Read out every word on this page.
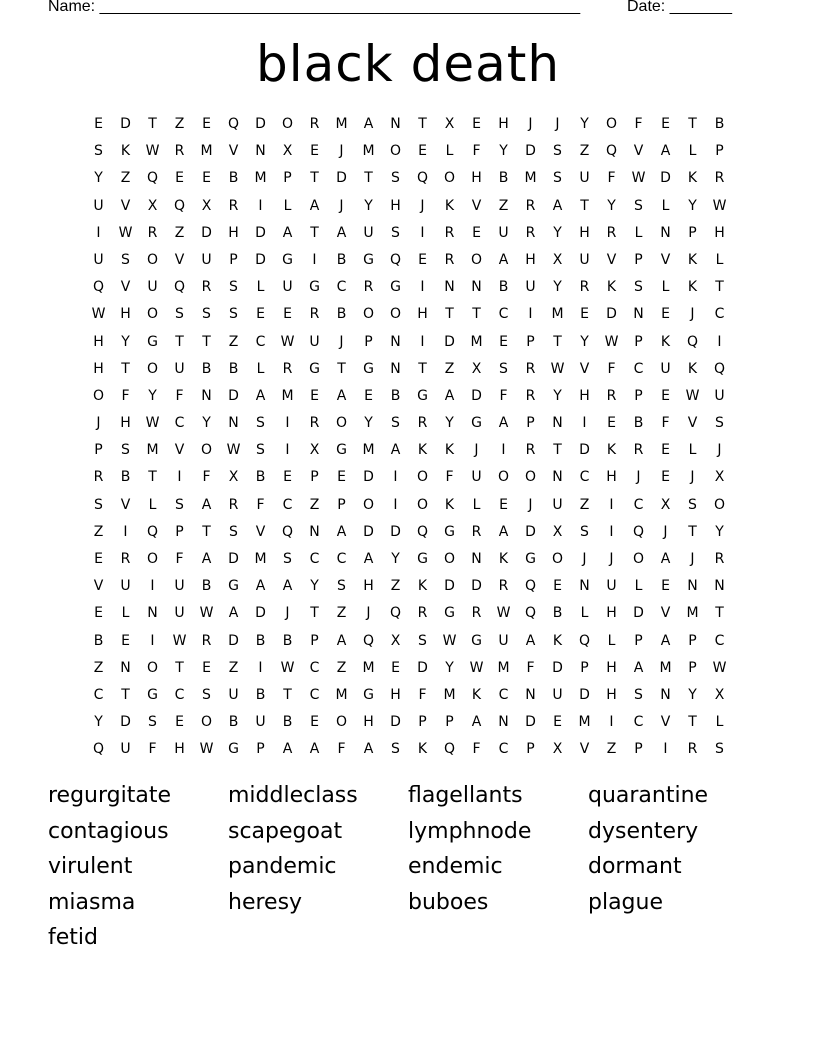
Name: ______________________________________________________	Date: _______
black death
E	D	T	Z	E	Q	D	O	R	M	A	N	T	X	E	H	J	J	Y	O	F	E	T	B
S	K	W	R	M	V	N	X	E	J	M	O	E	L	F	Y	D	S	Z	Q	V	A	L	P
Y	Z	Q	E	E	B	M	P	T	D	T	S	Q	O	H	B	M	S	U	F	W	D	K	R
U	V	X	Q	X	R	I	L	A	J	Y	H	J	K	V	Z	R	A	T	Y	S	L	Y	W
I	W	R	Z	D	H	D	A	T	A	U	S	I	R	E	U	R	Y	H	R	L	N	P	H
U	S	O	V	U	P	D	G	I	B	G	Q	E	R	O	A	H	X	U	V	P	V	K	L
Q	V	U	Q	R	S	L	U	G	C	R	G	I	N	N	B	U	Y	R	K	S	L	K	T
W	H	O	S	S	S	E	E	R	B	O	O	H	T	T	C	I	M	E	D	N	E	J	C
H	Y	G	T	T	Z	C	W	U	J	P	N	I	D	M	E	P	T	Y	W	P	K	Q	I
H	T	O	U	B	B	L	R	G	T	G	N	T	Z	X	S	R	W	V	F	C	U	K	Q
O	F	Y	F	N	D	A	M	E	A	E	B	G	A	D	F	R	Y	H	R	P	E	W	U
J	H	W	C	Y	N	S	I	R	O	Y	S	R	Y	G	A	P	N	I	E	B	F	V	S
P	S	M	V	O	W	S	I	X	G	M	A	K	K	J	I	R	T	D	K	R	E	L	J
R	B	T	I	F	X	B	E	P	E	D	I	O	F	U	O	O	N	C	H	J	E	J	X
S	V	L	S	A	R	F	C	Z	P	O	I	O	K	L	E	J	U	Z	I	C	X	S	O
Z	I	Q	P	T	S	V	Q	N	A	D	D	Q	G	R	A	D	X	S	I	Q	J	T	Y
E	R	O	F	A	D	M	S	C	C	A	Y	G	O	N	K	G	O	J	J	O	A	J	R
V	U	I	U	B	G	A	A	Y	S	H	Z	K	D	D	R	Q	E	N	U	L	E	N	N
E	L	N	U	W	A	D	J	T	Z	J	Q	R	G	R	W	Q	B	L	H	D	V	M	T
B	E	I	W	R	D	B	B	P	A	Q	X	S	W	G	U	A	K	Q	L	P	A	P	C
Z	N	O	T	E	Z	I	W	C	Z	M	E	D	Y	W	M	F	D	P	H	A	M	P	W
C	T	G	C	S	U	B	T	C	M	G	H	F	M	K	C	N	U	D	H	S	N	Y	X
Y	D	S	E	O	B	U	B	E	O	H	D	P	P	A	N	D	E	M	I	C	V	T	L
Q	U	F	H	W	G	P	A	A	F	A	S	K	Q	F	C	P	X	V	Z	P	I	R	S
regurgitate	middleclass	flagellants	quarantine
contagious	scapegoat	lymphnode	dysentery
virulent	pandemic	endemic	dormant
miasma	heresy	buboes	plague
fetid
